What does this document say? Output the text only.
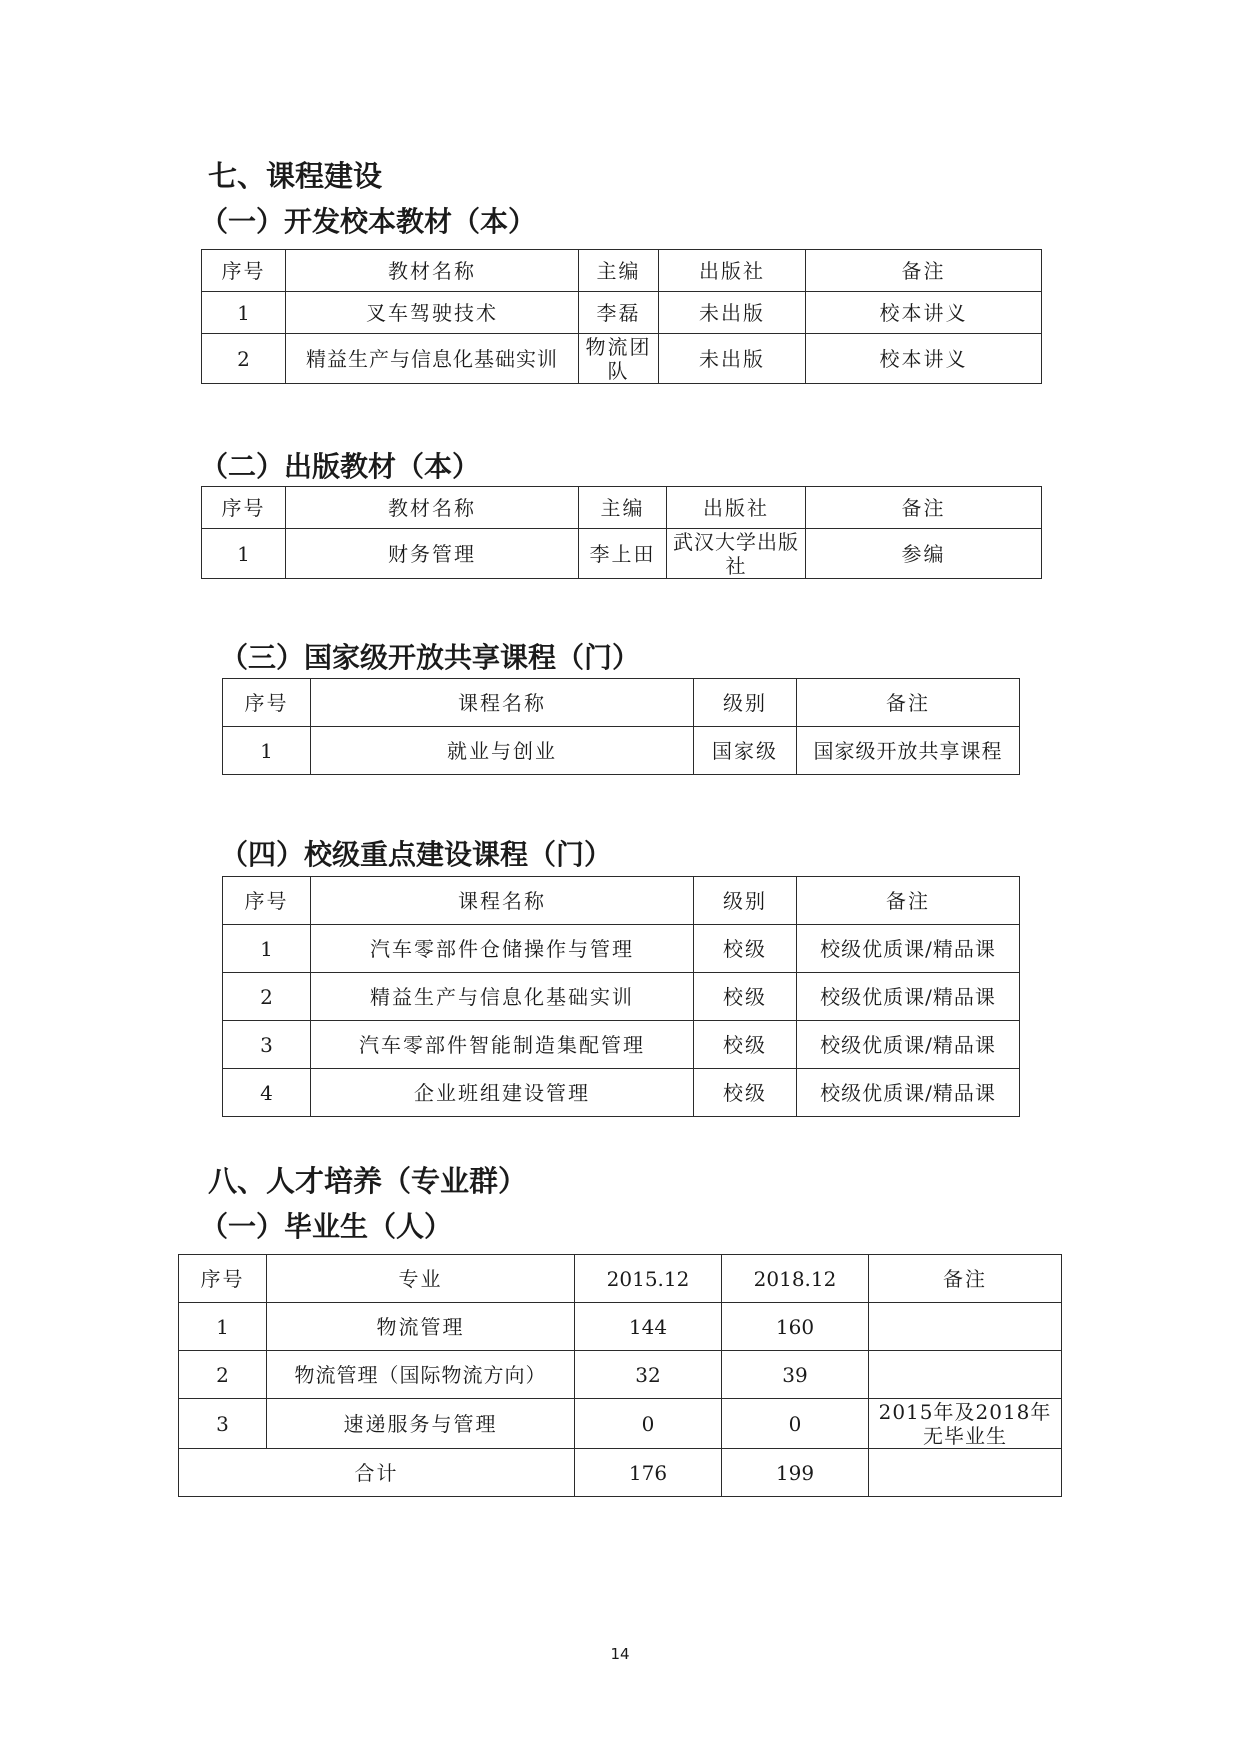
七、课程建设
（一）开发校本教材（本）
序号	教材名称	主编	出版社	备注
1	叉车驾驶技术	李磊	未出版	校本讲义
2	精益生产与信息化基础实训	物流团队	未出版	校本讲义
（二）出版教材（本）
序号	教材名称	主编	出版社	备注
1	财务管理	李上田	武汉大学出版社	参编
（三）国家级开放共享课程（门）
序号	课程名称	级别	备注
1	就业与创业	国家级	国家级开放共享课程
（四）校级重点建设课程（门）
序号	课程名称	级别	备注
1	汽车零部件仓储操作与管理	校级	校级优质课/精品课
2	精益生产与信息化基础实训	校级	校级优质课/精品课
3	汽车零部件智能制造集配管理	校级	校级优质课/精品课
4	企业班组建设管理	校级	校级优质课/精品课
八、人才培养（专业群）
（一）毕业生（人）
序号	专业	2015.12	2018.12	备注
1	物流管理	144	160	
2	物流管理（国际物流方向）	32	39	
3	速递服务与管理	0	0	2015年及2018年无毕业生
合计		176	199	
14
